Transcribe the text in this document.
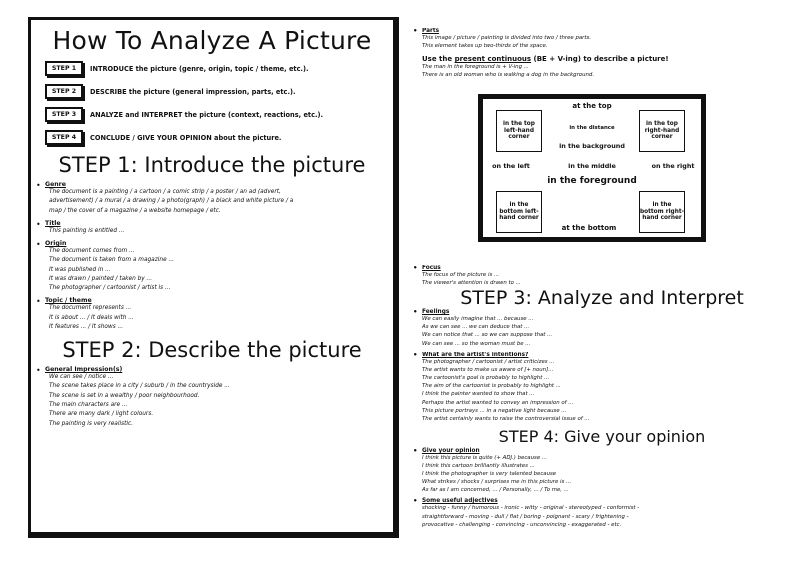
How To Analyze A Picture
STEP 1	INTRODUCE the picture (genre, origin, topic / theme, etc.).
STEP 2	DESCRIBE the picture (general impression, parts, etc.).
STEP 3	ANALYZE and INTERPRET the picture (context, reactions, etc.).
STEP 4	CONCLUDE / GIVE YOUR OPINION about the picture.
STEP 1: Introduce the picture
• Genre
The document is a painting / a cartoon / a comic strip / a poster / an ad (advert,
advertisement) / a mural / a drawing / a photo(graph) / a black and white picture / a
map / the cover of a magazine / a website homepage / etc.
• Title
This painting is entitled ...
• Origin
The document comes from ...
The document is taken from a magazine ...
It was published in ...
It was drawn / painted / taken by ...
The photographer / cartoonist / artist is ...
• Topic / theme
The document represents ...
It is about ... / It deals with ...
It features ... / It shows ...
STEP 2: Describe the picture
• General Impression(s)
We can see / notice ...
The scene takes place in a city / suburb / in the countryside ...
The scene is set in a wealthy / poor neighbourhood.
The main characters are ...
There are many dark / light colours.
The painting is very realistic.
• Parts
This image / picture / painting is divided into two / three parts.
This element takes up two-thirds of the space.
Use the present continuous (BE + V-ing) to describe a picture!
The man in the foreground is + V-ing ...
There is an old woman who is walking a dog in the background.
in the top left-hand corner
in the top right-hand corner
in the bottom left-hand corner
in the bottom right-hand corner
at the top
in the distance
in the background
on the left	in the middle	on the right
in the foreground
at the bottom
• Focus
The focus of the picture is ...
The viewer's attention is drawn to ...
STEP 3: Analyze and Interpret
• Feelings
We can easily imagine that ... because ...
As we can see ... we can deduce that ...
We can notice that ... so we can suppose that ...
We can see ... so the woman must be ...
• What are the artist's intentions?
The photographer / cartoonist / artist criticizes ...
The artist wants to make us aware of [+ noun]...
The cartoonist's goal is probably to highlight ...
The aim of the cartoonist is probably to highlight ...
I think the painter wanted to show that ...
Perhaps the artist wanted to convey an impression of ...
This picture portrays ... in a negative light because ...
The artist certainly wants to raise the controversial issue of ...
STEP 4: Give your opinion
• Give your opinion
I think this picture is quite (+ ADJ.) because ...
I think this cartoon brilliantly illustrates ...
I think the photographer is very talented because
What strikes / shocks / surprises me in this picture is ...
As far as I am concerned, ... / Personally, ... / To me, ...
• Some useful adjectives
shocking - funny / humorous - ironic - witty - original - stereotyped - conformist -
straightforward - moving - dull / flat / boring - poignant - scary / frightening -
provocative - challenging - convincing - unconvincing - exaggerated - etc.
